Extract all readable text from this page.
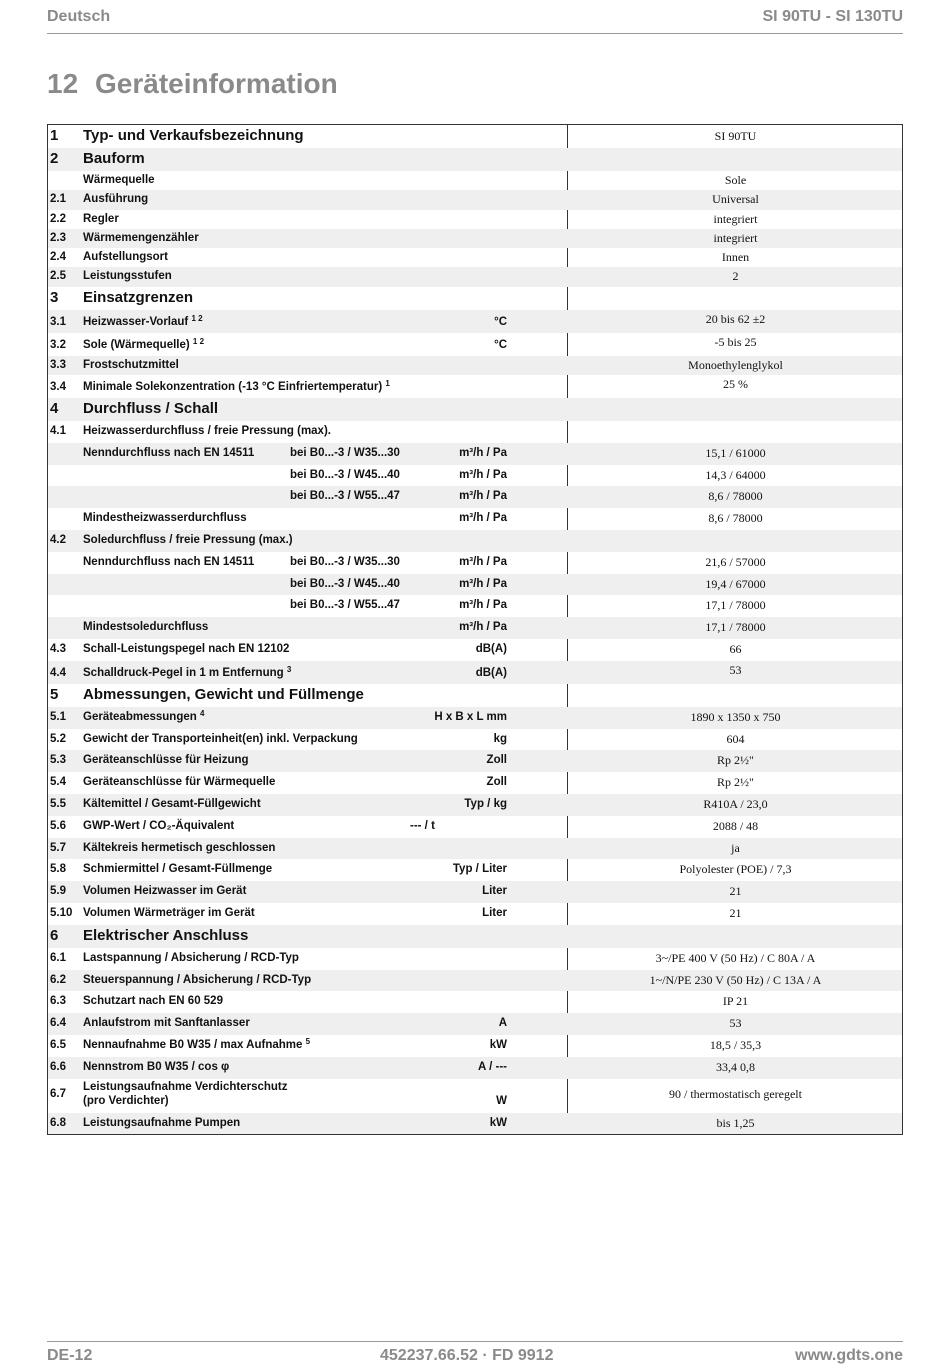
Deutsch	SI 90TU - SI 130TU
12 Geräteinformation
1 Typ- und Verkaufsbezeichnung	SI 90TU
2 Bauform
Wärmequelle	Sole
2.1 Ausführung	Universal
2.2 Regler	integriert
2.3 Wärmemengenzähler	integriert
2.4 Aufstellungsort	Innen
2.5 Leistungsstufen	2
3 Einsatzgrenzen
3.1 Heizwasser-Vorlauf $^{1 2}$	°C	20 bis 62 ±2
3.2 Sole (Wärmequelle) $^{1 2}$	°C	-5 bis 25
3.3 Frostschutzmittel	Monoethylenglykol
3.4 Minimale Solekonzentration (-13 °C Einfriertemperatur) $^1$	25 %
4 Durchfluss / Schall
4.1 Heizwasserdurchfluss / freie Pressung (max).
Nenndurchfluss nach EN 14511	bei B0...-3 / W35...30	m³/h / Pa	15,1 / 61000
bei B0...-3 / W45...40	m³/h / Pa	14,3 / 64000
bei B0...-3 / W55...47	m³/h / Pa	8,6 / 78000
Mindestheizwasserdurchfluss	m³/h / Pa	8,6 / 78000
4.2 Soledurchfluss / freie Pressung (max.)
Nenndurchfluss nach EN 14511	bei B0...-3 / W35...30	m³/h / Pa	21,6 / 57000
bei B0...-3 / W45...40	m³/h / Pa	19,4 / 67000
bei B0...-3 / W55...47	m³/h / Pa	17,1 / 78000
Mindestsoledurchfluss	m³/h / Pa	17,1 / 78000
4.3 Schall-Leistungspegel nach EN 12102	dB(A)	66
4.4 Schalldruck-Pegel in 1 m Entfernung $^3$	dB(A)	53
5 Abmessungen, Gewicht und Füllmenge
5.1 Geräteabmessungen $^4$	H x B x L mm	1890 x 1350 x 750
5.2 Gewicht der Transporteinheit(en) inkl. Verpackung	kg	604
5.3 Geräteanschlüsse für Heizung	Zoll	Rp 2½"
5.4 Geräteanschlüsse für Wärmequelle	Zoll	Rp 2½"
5.5 Kältemittel / Gesamt-Füllgewicht	Typ / kg	R410A / 23,0
5.6 GWP-Wert / CO₂-Äquivalent	--- / t	2088 / 48
5.7 Kältekreis hermetisch geschlossen	ja
5.8 Schmiermittel / Gesamt-Füllmenge	Typ / Liter	Polyolester (POE) / 7,3
5.9 Volumen Heizwasser im Gerät	Liter	21
5.10 Volumen Wärmeträger im Gerät	Liter	21
6 Elektrischer Anschluss
6.1 Lastspannung / Absicherung / RCD-Typ	3~/PE 400 V (50 Hz) / C 80A / A
6.2 Steuerspannung / Absicherung / RCD-Typ	1~/N/PE 230 V (50 Hz) / C 13A / A
6.3 Schutzart nach EN 60 529	IP 21
6.4 Anlaufstrom mit Sanftanlasser	A	53
6.5 Nennaufnahme B0 W35 / max Aufnahme $^5$	kW	18,5 / 35,3
6.6 Nennstrom B0 W35 / cos φ	A / ---	33,4 0,8
6.7
Leistungsaufnahme Verdichterschutz
(pro Verdichter)	W	90 / thermostatisch geregelt
6.8 Leistungsaufnahme Pumpen	kW	bis 1,25
DE-12	452237.66.52 · FD 9912	www.gdts.one
